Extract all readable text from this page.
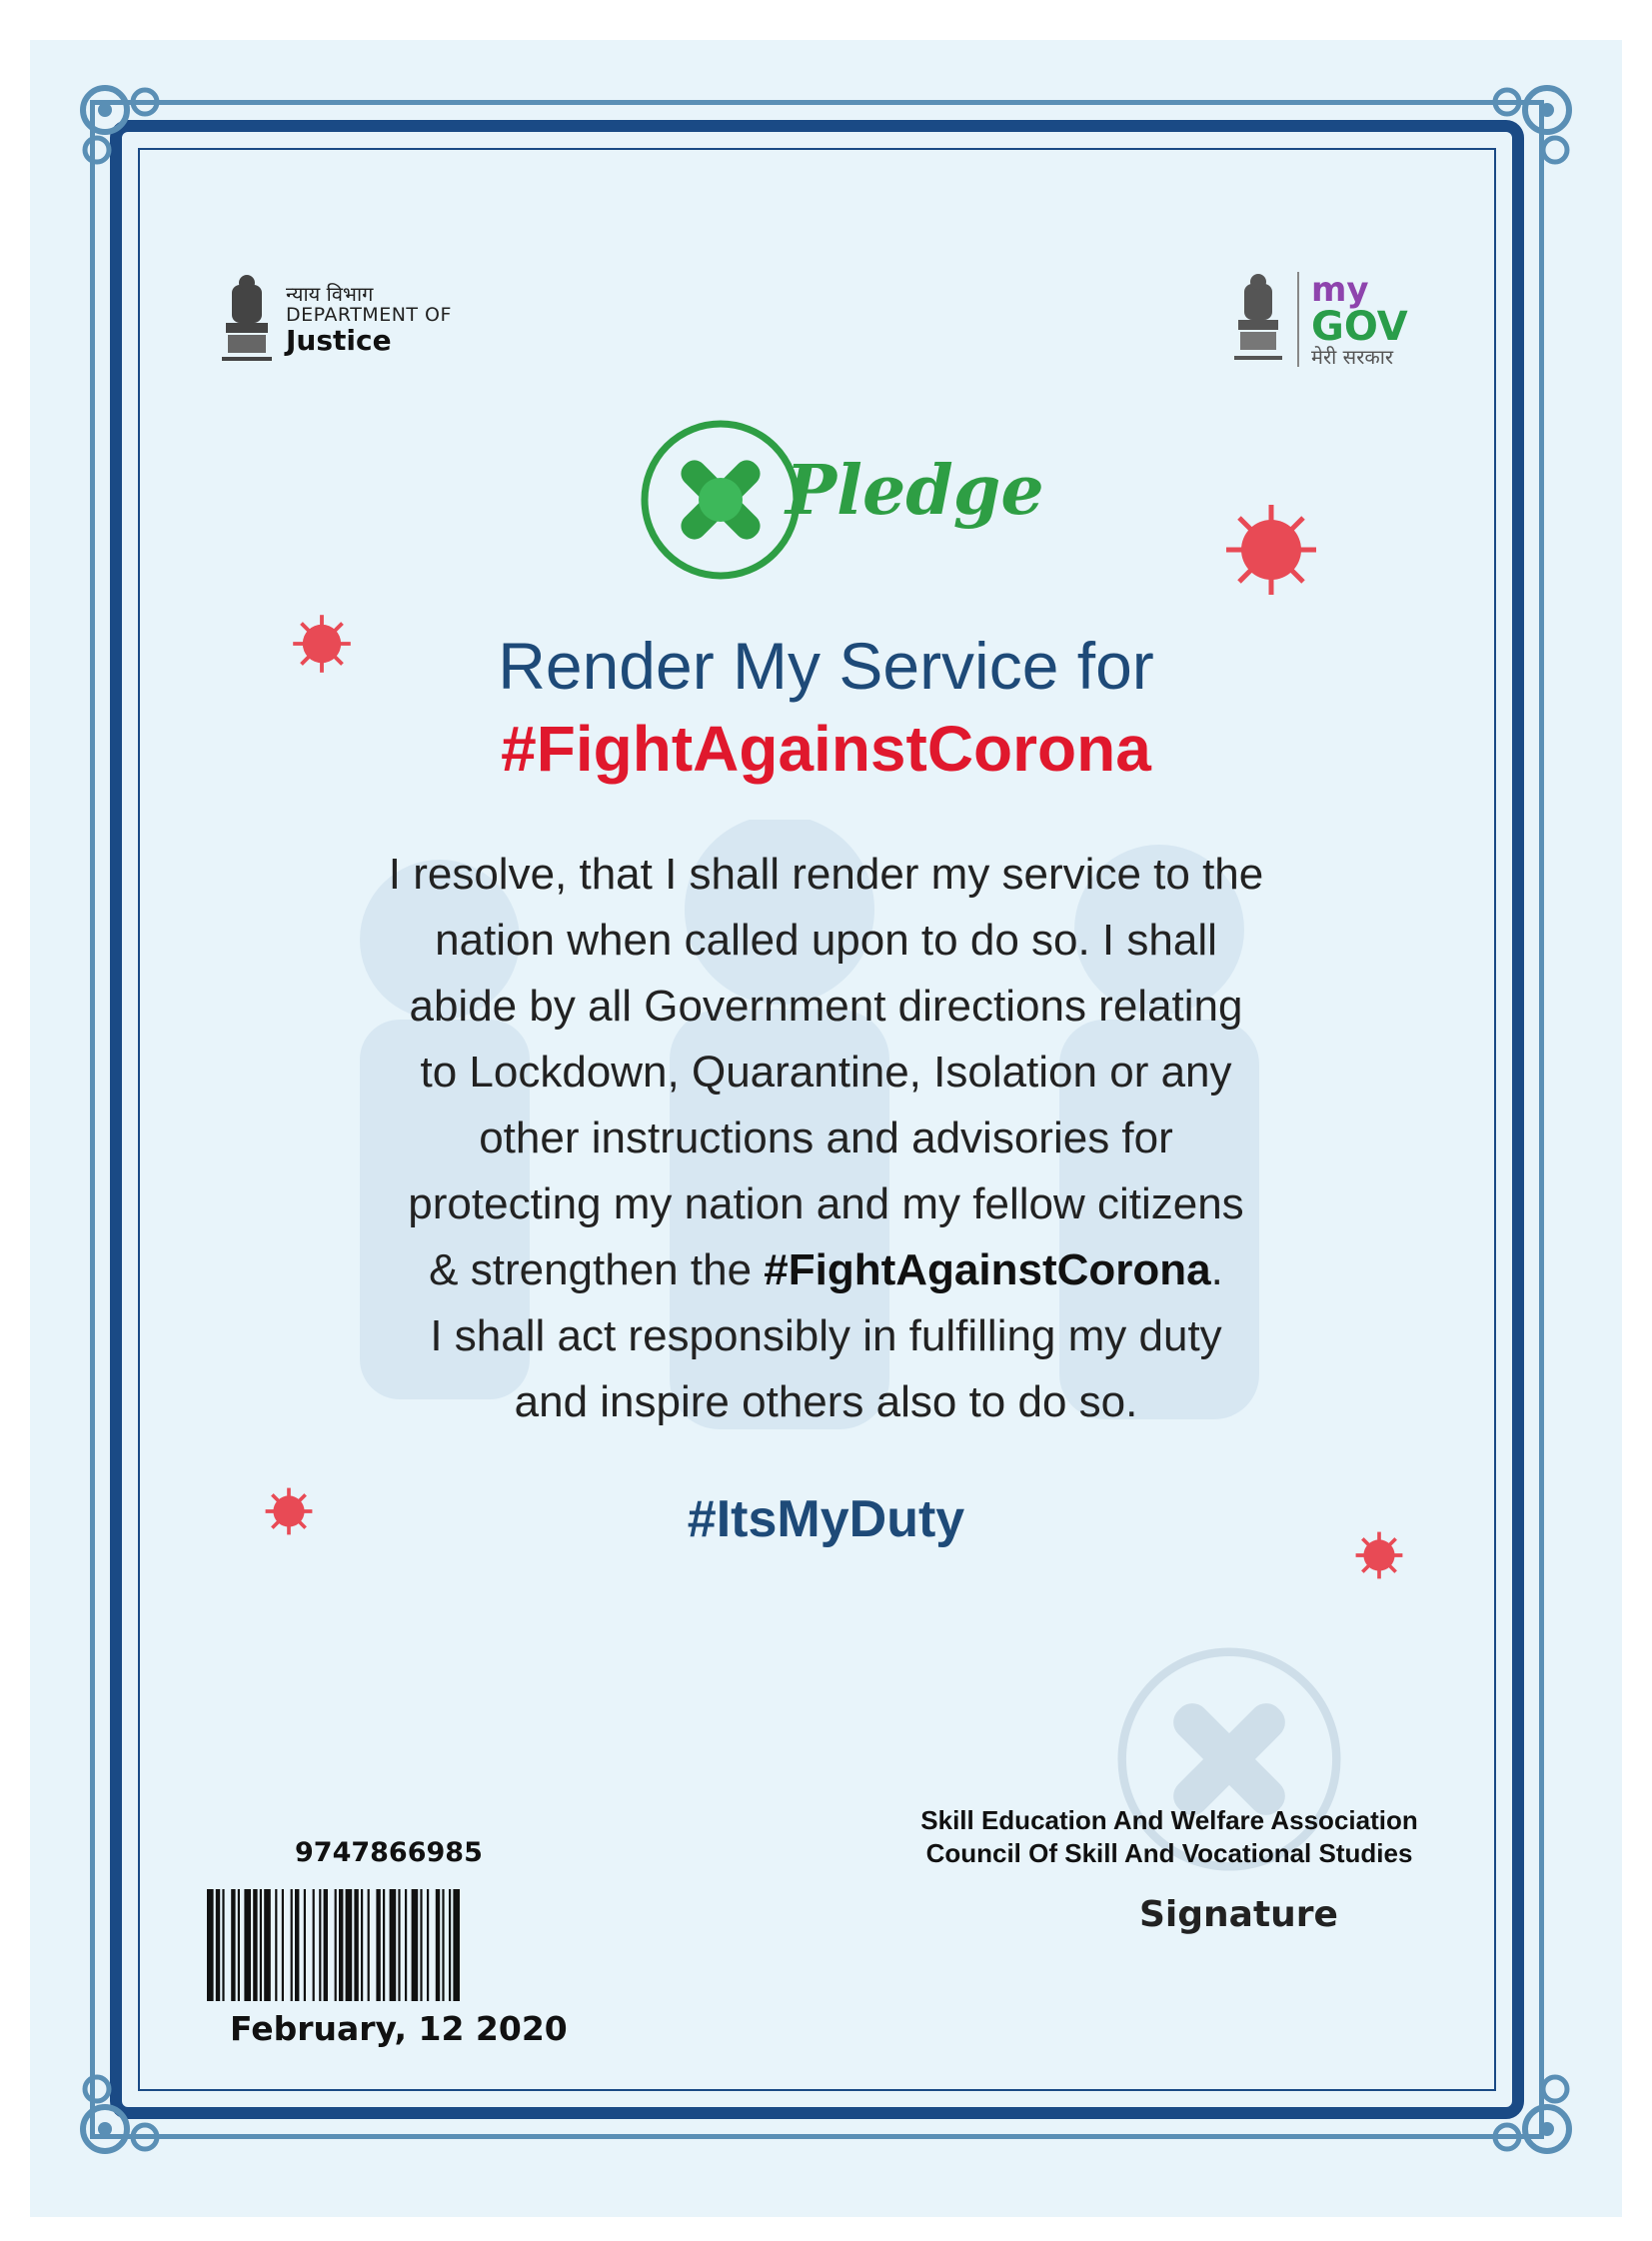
न्याय विभाग
DEPARTMENT OF
Justice
my
GOV
मेरी सरकार
Pledge
Render My Service for
#FightAgainstCorona
I resolve, that I shall render my service to the
nation when called upon to do so. I shall
abide by all Government directions relating
to Lockdown, Quarantine, Isolation or any
other instructions and advisories for
protecting my nation and my fellow citizens
& strengthen the #FightAgainstCorona.
I shall act responsibly in fulfilling my duty
and inspire others also to do so.
#ItsMyDuty
Skill Education And Welfare Association
Council Of Skill And Vocational Studies
Signature
9747866985
February, 12 2020
